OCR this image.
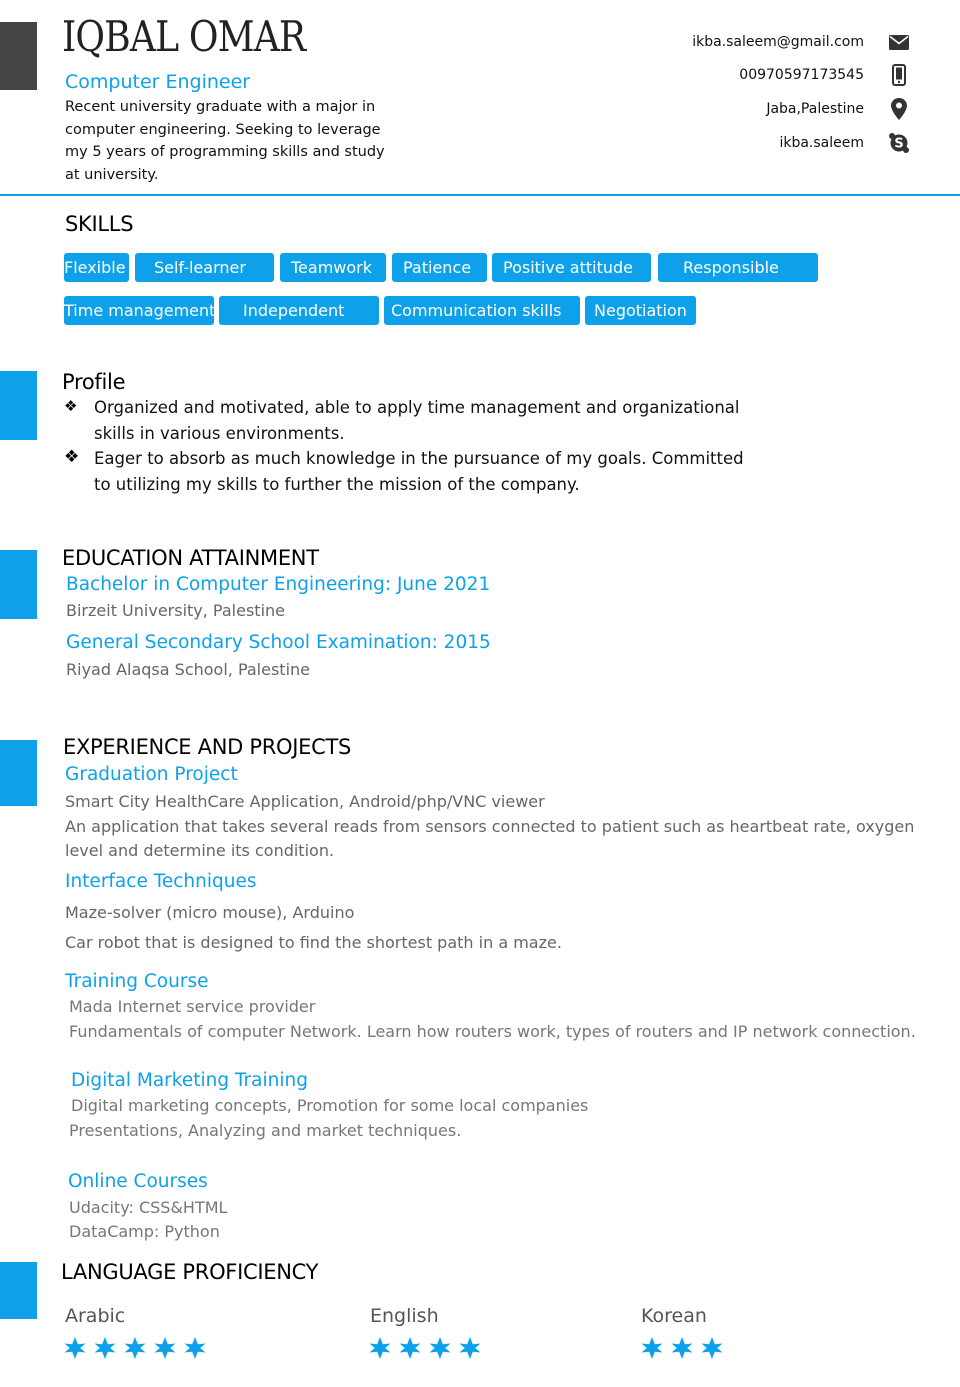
IQBAL OMAR
Computer Engineer
Recent university graduate with a major in computer engineering. Seeking to leverage my 5 years of programming skills and study at university.
ikba.saleem@gmail.com
00970597173545
Jaba,Palestine
ikba.saleem S
SKILLS
Flexible	Self-learner	Teamwork	Patience	Positive attitude	Responsible
Time management	Independent	Communication skills	Negotiation
Profile
❖ Organized and motivated, able to apply time management and organizational skills in various environments.
❖ Eager to absorb as much knowledge in the pursuance of my goals. Committed to utilizing my skills to further the mission of the company.
EDUCATION ATTAINMENT
Bachelor in Computer Engineering: June 2021
Birzeit University, Palestine
General Secondary School Examination: 2015
Riyad Alaqsa School, Palestine
EXPERIENCE AND PROJECTS
Graduation Project
Smart City HealthCare Application, Android/php/VNC viewer
An application that takes several reads from sensors connected to patient such as heartbeat rate, oxygen
level and determine its condition.
Interface Techniques
Maze-solver (micro mouse), Arduino
Car robot that is designed to find the shortest path in a maze.
Training Course
Mada Internet service provider
Fundamentals of computer Network. Learn how routers work, types of routers and IP network connection.
Digital Marketing Training
Digital marketing concepts, Promotion for some local companies
Presentations, Analyzing and market techniques.
Online Courses
Udacity: CSS&HTML
DataCamp: Python
LANGUAGE PROFICIENCY
Arabic	English	Korean
